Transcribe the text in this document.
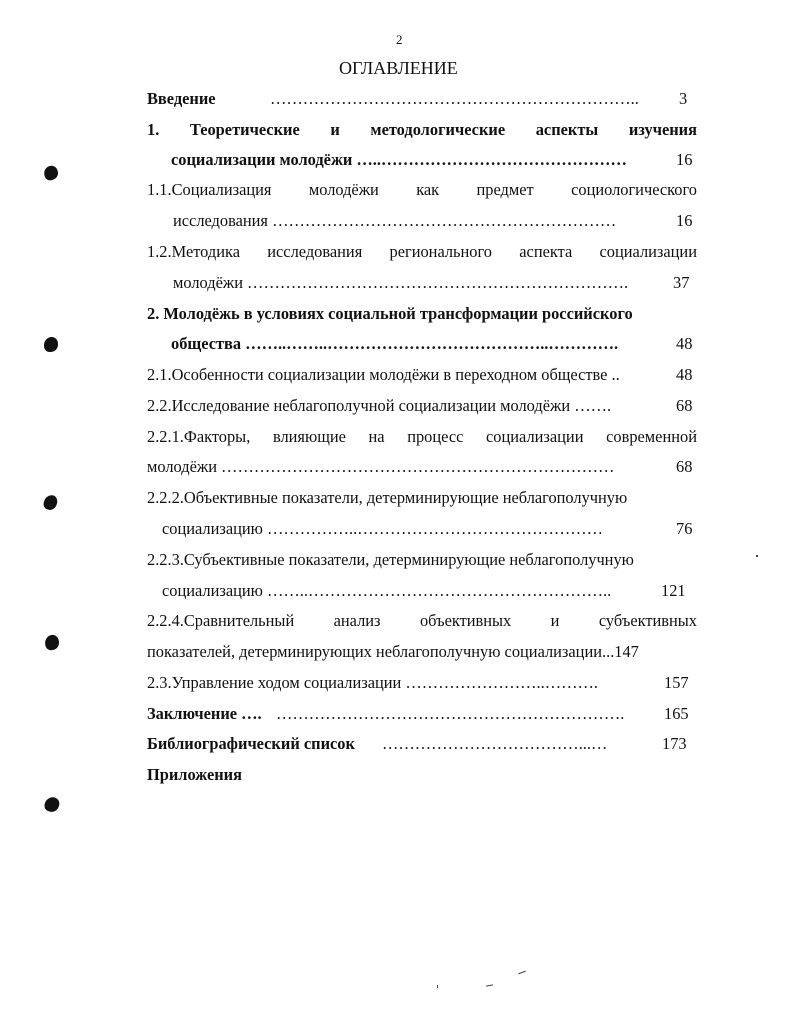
2
ОГЛАВЛЕНИЕ
Введение	………………………………………………………….. 3
1. Теоретические и методологические аспекты изучения
социализации молодёжи …..………………………………………	16
1.1.Социализация молодёжи как предмет социологического
исследования ………………………………………………………	16
1.2.Методика исследования регионального аспекта социализации
молодёжи …………………………………………………………….	37
2. Молодёжь в условиях социальной трансформации российского
общества ……..……..…………………………………..………….	48
2.1.Особенности социализации молодёжи в переходном обществе ..	48
2.2.Исследование неблагополучной социализации молодёжи …….	68
2.2.1.Факторы, влияющие на процесс социализации современной
молодёжи ………………………………………………………………	68
2.2.2.Объективные показатели, детерминирующие неблагополучную
социализацию ……………..………………………………………	76
2.2.3.Субъективные показатели, детерминирующие неблагополучную
социализацию ……..………………………………………………..	121
2.2.4.Сравнительный анализ объективных и субъективных
показателей, детерминирующих неблагополучную социализации...147
2.3.Управление ходом социализации ……………………..……….	157
Заключение …. ………………………………………………………. 165
Библиографический список ………………………………...…	173
Приложения
